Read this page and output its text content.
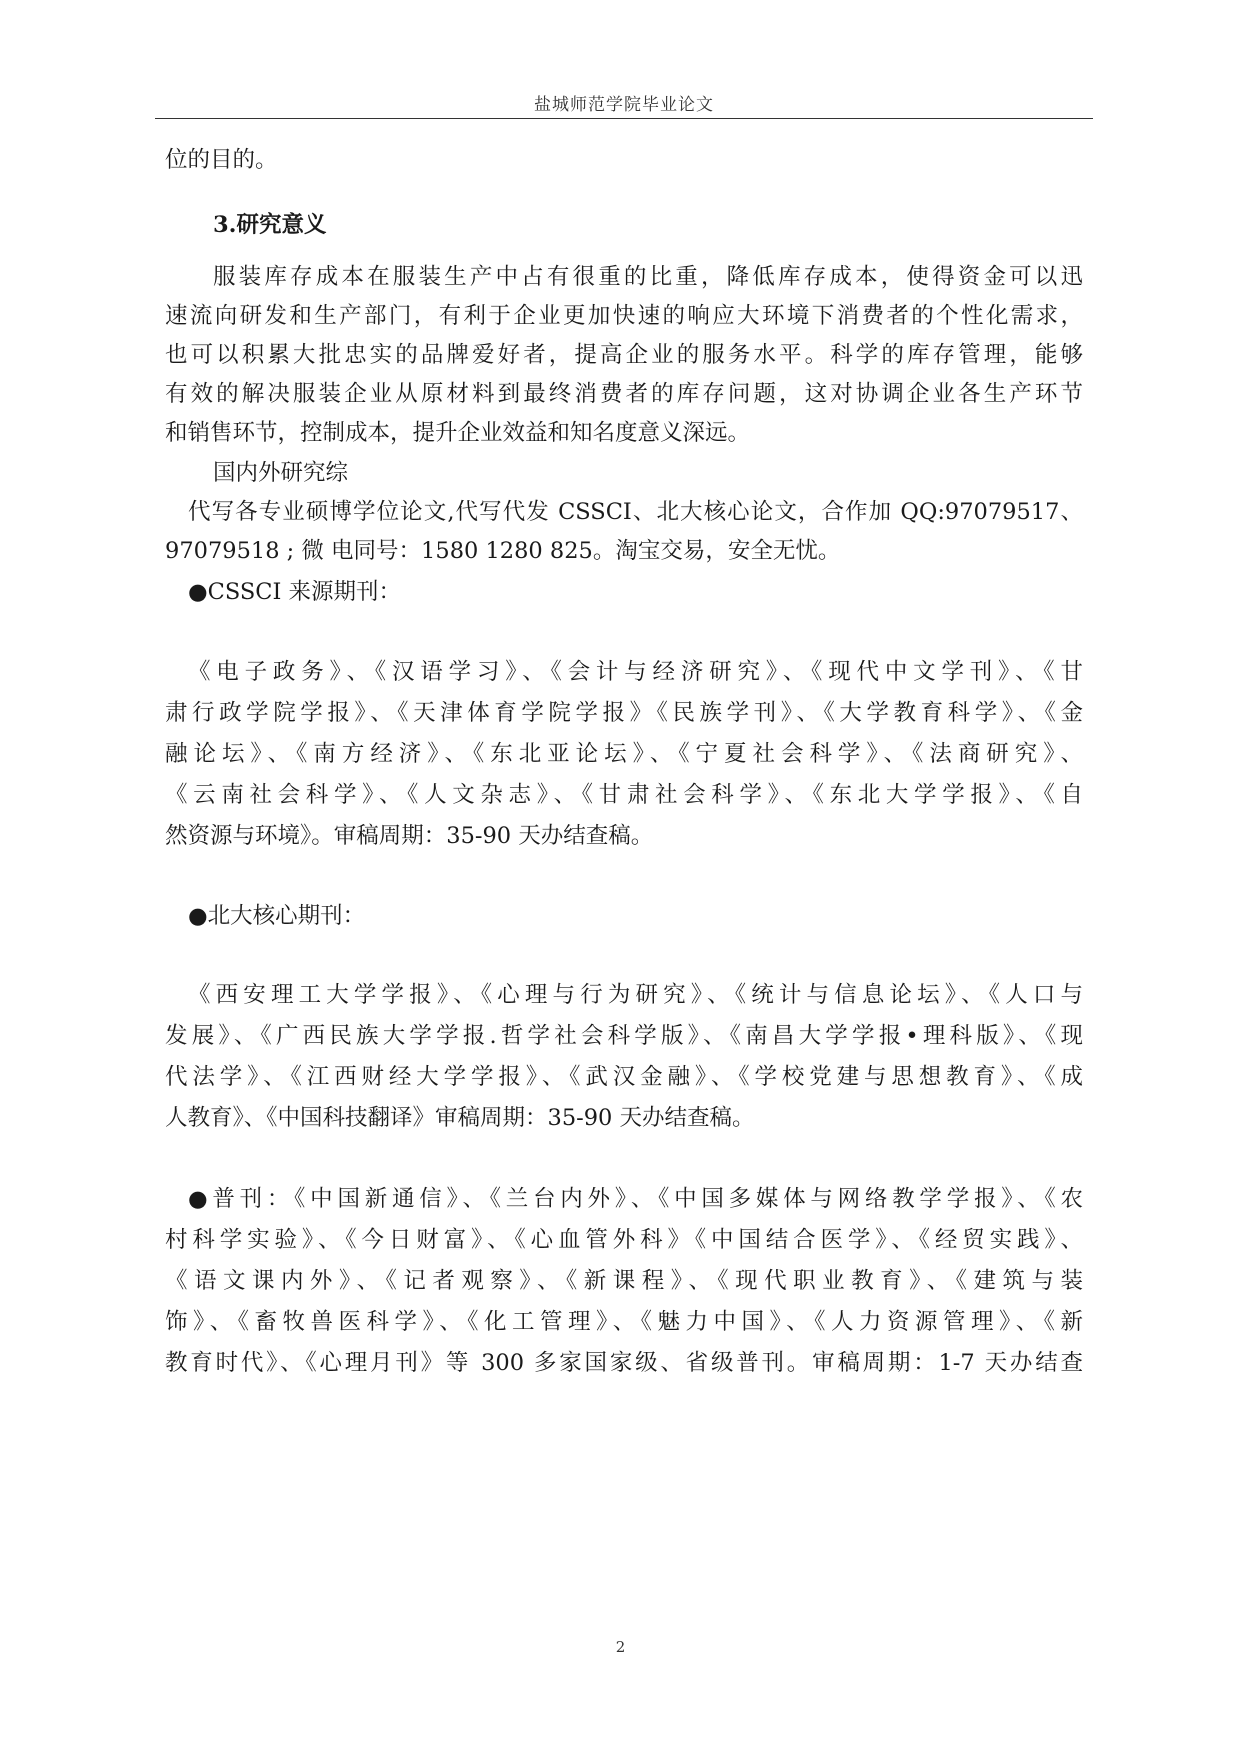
盐城师范学院毕业论文
位的目的。
3.研究意义
服装库存成本在服装生产中占有很重的比重，降低库存成本，使得资金可以迅
速流向研发和生产部门，有利于企业更加快速的响应大环境下消费者的个性化需求，
也可以积累大批忠实的品牌爱好者，提高企业的服务水平。科学的库存管理，能够
有效的解决服装企业从原材料到最终消费者的库存问题，这对协调企业各生产环节
和销售环节，控制成本，提升企业效益和知名度意义深远。
国内外研究综
代写各专业硕博学位论文,代写代发 CSSCI、北大核心论文，合作加 QQ:97079517、
97079518 ; 微 电同号：1580 1280 825。淘宝交易，安全无忧。
●CSSCI 来源期刊：
《电子政务》、《汉语学习》、《会计与经济研究》、《现代中文学刊》、《甘
肃行政学院学报》、《天津体育学院学报》《民族学刊》、《大学教育科学》、《金
融论坛》、《南方经济》、《东北亚论坛》、《宁夏社会科学》、《法商研究》、
《云南社会科学》、《人文杂志》、《甘肃社会科学》、《东北大学学报》、《自
然资源与环境》。审稿周期：35-90 天办结查稿。
●北大核心期刊：
《西安理工大学学报》、《心理与行为研究》、《统计与信息论坛》、《人口与
发展》、《广西民族大学学报.哲学社会科学版》、《南昌大学学报•理科版》、《现
代法学》、《江西财经大学学报》、《武汉金融》、《学校党建与思想教育》、《成
人教育》、《中国科技翻译》审稿周期：35-90 天办结查稿。
●普刊：《中国新通信》、《兰台内外》、《中国多媒体与网络教学学报》、《农
村科学实验》、《今日财富》、《心血管外科》《中国结合医学》、《经贸实践》、
《语文课内外》、《记者观察》、《新课程》、《现代职业教育》、《建筑与装
饰》、《畜牧兽医科学》、《化工管理》、《魅力中国》、《人力资源管理》、《新
教育时代》、《心理月刊》等 300 多家国家级、省级普刊。审稿周期：1-7 天办结查
2
